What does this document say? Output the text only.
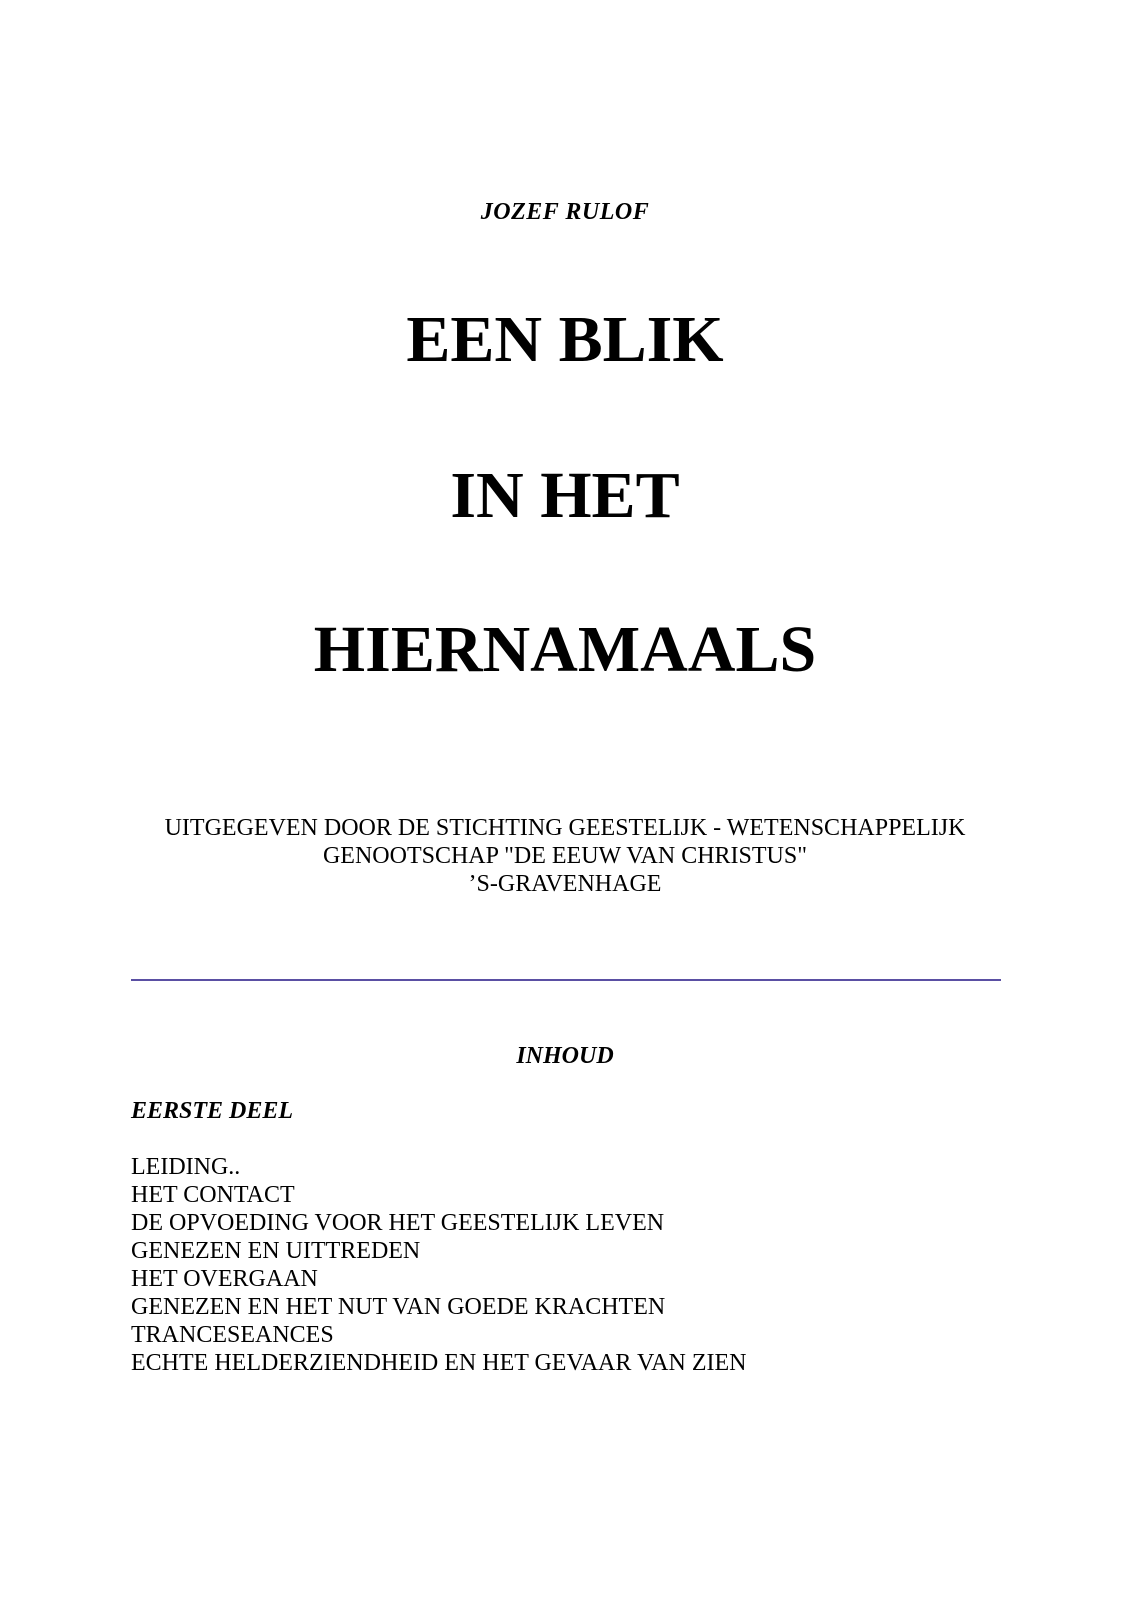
JOZEF RULOF
EEN BLIK
IN HET
HIERNAMAALS
UITGEGEVEN DOOR DE STICHTING GEESTELIJK - WETENSCHAPPELIJK
GENOOTSCHAP "DE EEUW VAN CHRISTUS"
’S-GRAVENHAGE
INHOUD
EERSTE DEEL
LEIDING..
HET CONTACT
DE OPVOEDING VOOR HET GEESTELIJK LEVEN
GENEZEN EN UITTREDEN
HET OVERGAAN
GENEZEN EN HET NUT VAN GOEDE KRACHTEN
TRANCESEANCES
ECHTE HELDERZIENDHEID EN HET GEVAAR VAN ZIEN
